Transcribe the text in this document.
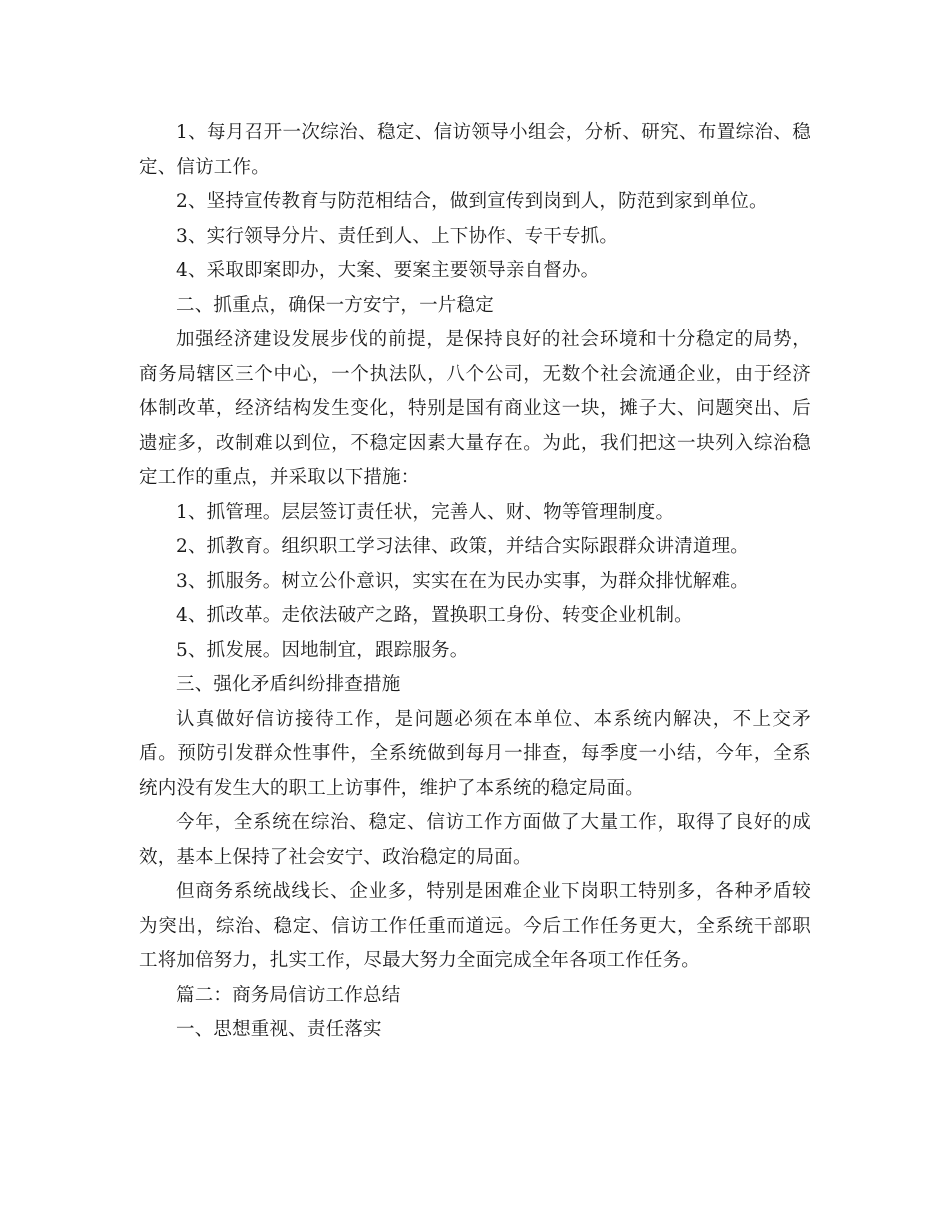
1、每月召开一次综治、稳定、信访领导小组会，分析、研究、布置综治、稳定、信访工作。

2、坚持宣传教育与防范相结合，做到宣传到岗到人，防范到家到单位。

3、实行领导分片、责任到人、上下协作、专干专抓。

4、采取即案即办，大案、要案主要领导亲自督办。

二、抓重点，确保一方安宁，一片稳定

加强经济建设发展步伐的前提，是保持良好的社会环境和十分稳定的局势，商务局辖区三个中心，一个执法队，八个公司，无数个社会流通企业，由于经济体制改革，经济结构发生变化，特别是国有商业这一块，摊子大、问题突出、后遗症多，改制难以到位，不稳定因素大量存在。为此，我们把这一块列入综治稳定工作的重点，并采取以下措施：

1、抓管理。层层签订责任状，完善人、财、物等管理制度。

2、抓教育。组织职工学习法律、政策，并结合实际跟群众讲清道理。

3、抓服务。树立公仆意识，实实在在为民办实事，为群众排忧解难。

4、抓改革。走依法破产之路，置换职工身份、转变企业机制。

5、抓发展。因地制宜，跟踪服务。

三、强化矛盾纠纷排查措施

认真做好信访接待工作，是问题必须在本单位、本系统内解决，不上交矛盾。预防引发群众性事件，全系统做到每月一排查，每季度一小结，今年，全系统内没有发生大的职工上访事件，维护了本系统的稳定局面。

今年，全系统在综治、稳定、信访工作方面做了大量工作，取得了良好的成效，基本上保持了社会安宁、政治稳定的局面。

但商务系统战线长、企业多，特别是困难企业下岗职工特别多，各种矛盾较为突出，综治、稳定、信访工作任重而道远。今后工作任务更大，全系统干部职工将加倍努力，扎实工作，尽最大努力全面完成全年各项工作任务。

篇二：商务局信访工作总结

一、思想重视、责任落实
